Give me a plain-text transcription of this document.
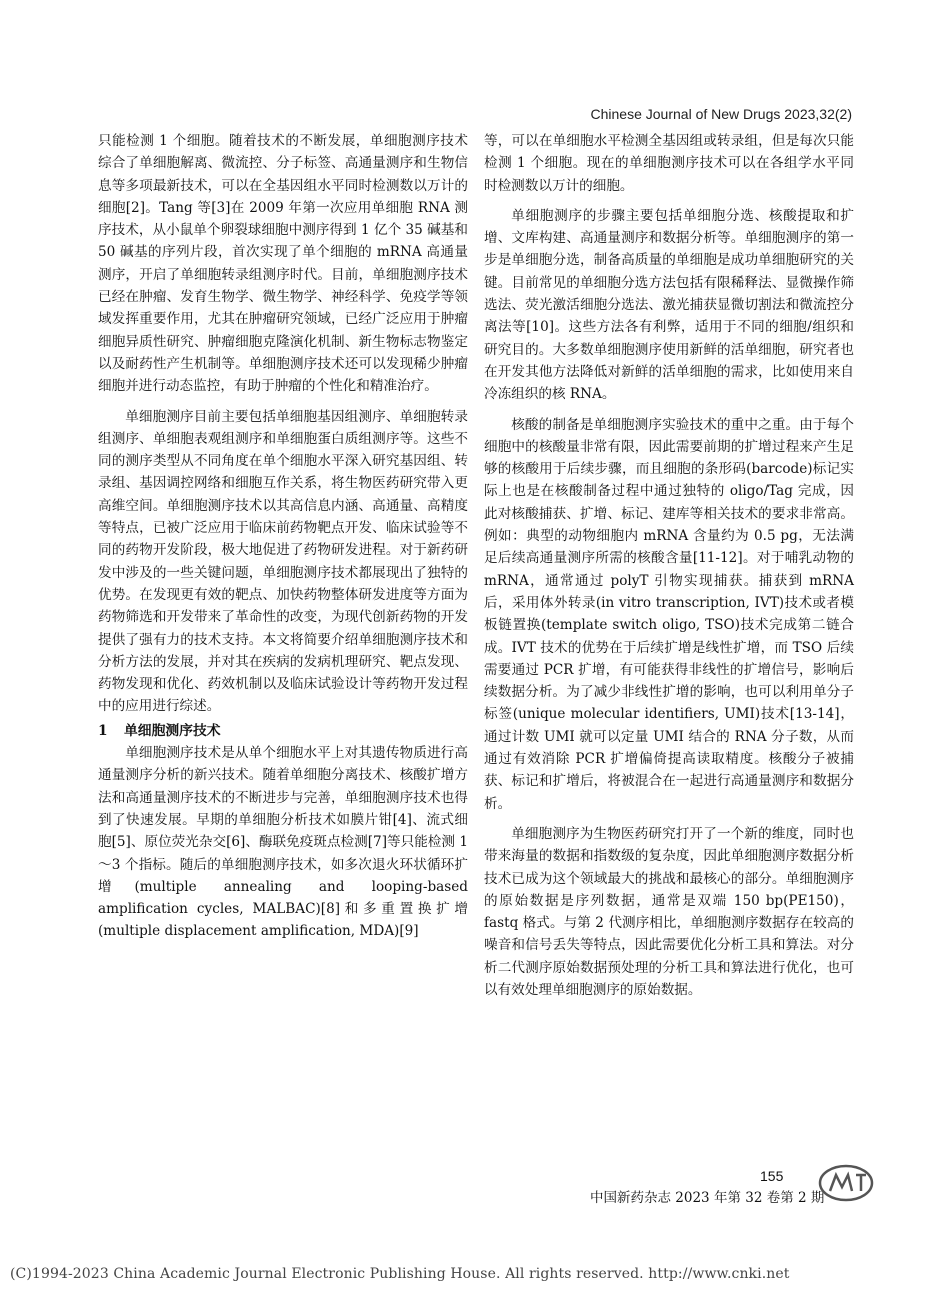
Chinese Journal of New Drugs 2023,32(2)

只能检测 1 个细胞。随着技术的不断发展，单细胞测序技术综合了单细胞解离、微流控、分子标签、高通量测序和生物信息等多项最新技术，可以在全基因组水平同时检测数以万计的细胞[2]。Tang 等[3]在 2009 年第一次应用单细胞 RNA 测序技术，从小鼠单个卵裂球细胞中测序得到 1 亿个 35 碱基和 50 碱基的序列片段，首次实现了单个细胞的 mRNA 高通量测序，开启了单细胞转录组测序时代。目前，单细胞测序技术已经在肿瘤、发育生物学、微生物学、神经科学、免疫学等领域发挥重要作用，尤其在肿瘤研究领域，已经广泛应用于肿瘤细胞异质性研究、肿瘤细胞克隆演化机制、新生物标志物鉴定以及耐药性产生机制等。单细胞测序技术还可以发现稀少肿瘤细胞并进行动态监控，有助于肿瘤的个性化和精准治疗。

单细胞测序目前主要包括单细胞基因组测序、单细胞转录组测序、单细胞表观组测序和单细胞蛋白质组测序等。这些不同的测序类型从不同角度在单个细胞水平深入研究基因组、转录组、基因调控网络和细胞互作关系，将生物医药研究带入更高维空间。单细胞测序技术以其高信息内涵、高通量、高精度等特点，已被广泛应用于临床前药物靶点开发、临床试验等不同的药物开发阶段，极大地促进了药物研发进程。对于新药研发中涉及的一些关键问题，单细胞测序技术都展现出了独特的优势。在发现更有效的靶点、加快药物整体研发进度等方面为药物筛选和开发带来了革命性的改变，为现代创新药物的开发提供了强有力的技术支持。本文将简要介绍单细胞测序技术和分析方法的发展，并对其在疾病的发病机理研究、靶点发现、药物发现和优化、药效机制以及临床试验设计等药物开发过程中的应用进行综述。

1 单细胞测序技术

单细胞测序技术是从单个细胞水平上对其遗传物质进行高通量测序分析的新兴技术。随着单细胞分离技术、核酸扩增方法和高通量测序技术的不断进步与完善，单细胞测序技术也得到了快速发展。早期的单细胞分析技术如膜片钳[4]、流式细胞[5]、原位荧光杂交[6]、酶联免疫斑点检测[7]等只能检测 1～3 个指标。随后的单细胞测序技术，如多次退火环状循环扩增(multiple annealing and looping-based amplification cycles, MALBAC)[8]和多重置换扩增(multiple displacement amplification, MDA)[9]

等，可以在单细胞水平检测全基因组或转录组，但是每次只能检测 1 个细胞。现在的单细胞测序技术可以在各组学水平同时检测数以万计的细胞。

单细胞测序的步骤主要包括单细胞分选、核酸提取和扩增、文库构建、高通量测序和数据分析等。单细胞测序的第一步是单细胞分选，制备高质量的单细胞是成功单细胞研究的关键。目前常见的单细胞分选方法包括有限稀释法、显微操作筛选法、荧光激活细胞分选法、激光捕获显微切割法和微流控分离法等[10]。这些方法各有利弊，适用于不同的细胞/组织和研究目的。大多数单细胞测序使用新鲜的活单细胞，研究者也在开发其他方法降低对新鲜的活单细胞的需求，比如使用来自冷冻组织的核 RNA。

核酸的制备是单细胞测序实验技术的重中之重。由于每个细胞中的核酸量非常有限，因此需要前期的扩增过程来产生足够的核酸用于后续步骤，而且细胞的条形码(barcode)标记实际上也是在核酸制备过程中通过独特的 oligo/Tag 完成，因此对核酸捕获、扩增、标记、建库等相关技术的要求非常高。例如：典型的动物细胞内 mRNA 含量约为 0.5 pg，无法满足后续高通量测序所需的核酸含量[11-12]。对于哺乳动物的 mRNA，通常通过 polyT 引物实现捕获。捕获到 mRNA 后，采用体外转录(in vitro transcription, IVT)技术或者模板链置换(template switch oligo, TSO)技术完成第二链合成。IVT 技术的优势在于后续扩增是线性扩增，而 TSO 后续需要通过 PCR 扩增，有可能获得非线性的扩增信号，影响后续数据分析。为了减少非线性扩增的影响，也可以利用单分子标签(unique molecular identifiers, UMI)技术[13-14]，通过计数 UMI 就可以定量 UMI 结合的 RNA 分子数，从而通过有效消除 PCR 扩增偏倚提高读取精度。核酸分子被捕获、标记和扩增后，将被混合在一起进行高通量测序和数据分析。

单细胞测序为生物医药研究打开了一个新的维度，同时也带来海量的数据和指数级的复杂度，因此单细胞测序数据分析技术已成为这个领域最大的挑战和最核心的部分。单细胞测序的原始数据是序列数据，通常是双端 150 bp(PE150)，fastq 格式。与第 2 代测序相比，单细胞测序数据存在较高的噪音和信号丢失等特点，因此需要优化分析工具和算法。对分析二代测序原始数据预处理的分析工具和算法进行优化，也可以有效处理单细胞测序的原始数据。

155
中国新药杂志 2023 年第 32 卷第 2 期
(C)1994-2023 China Academic Journal Electronic Publishing House. All rights reserved. http://www.cnki.net
